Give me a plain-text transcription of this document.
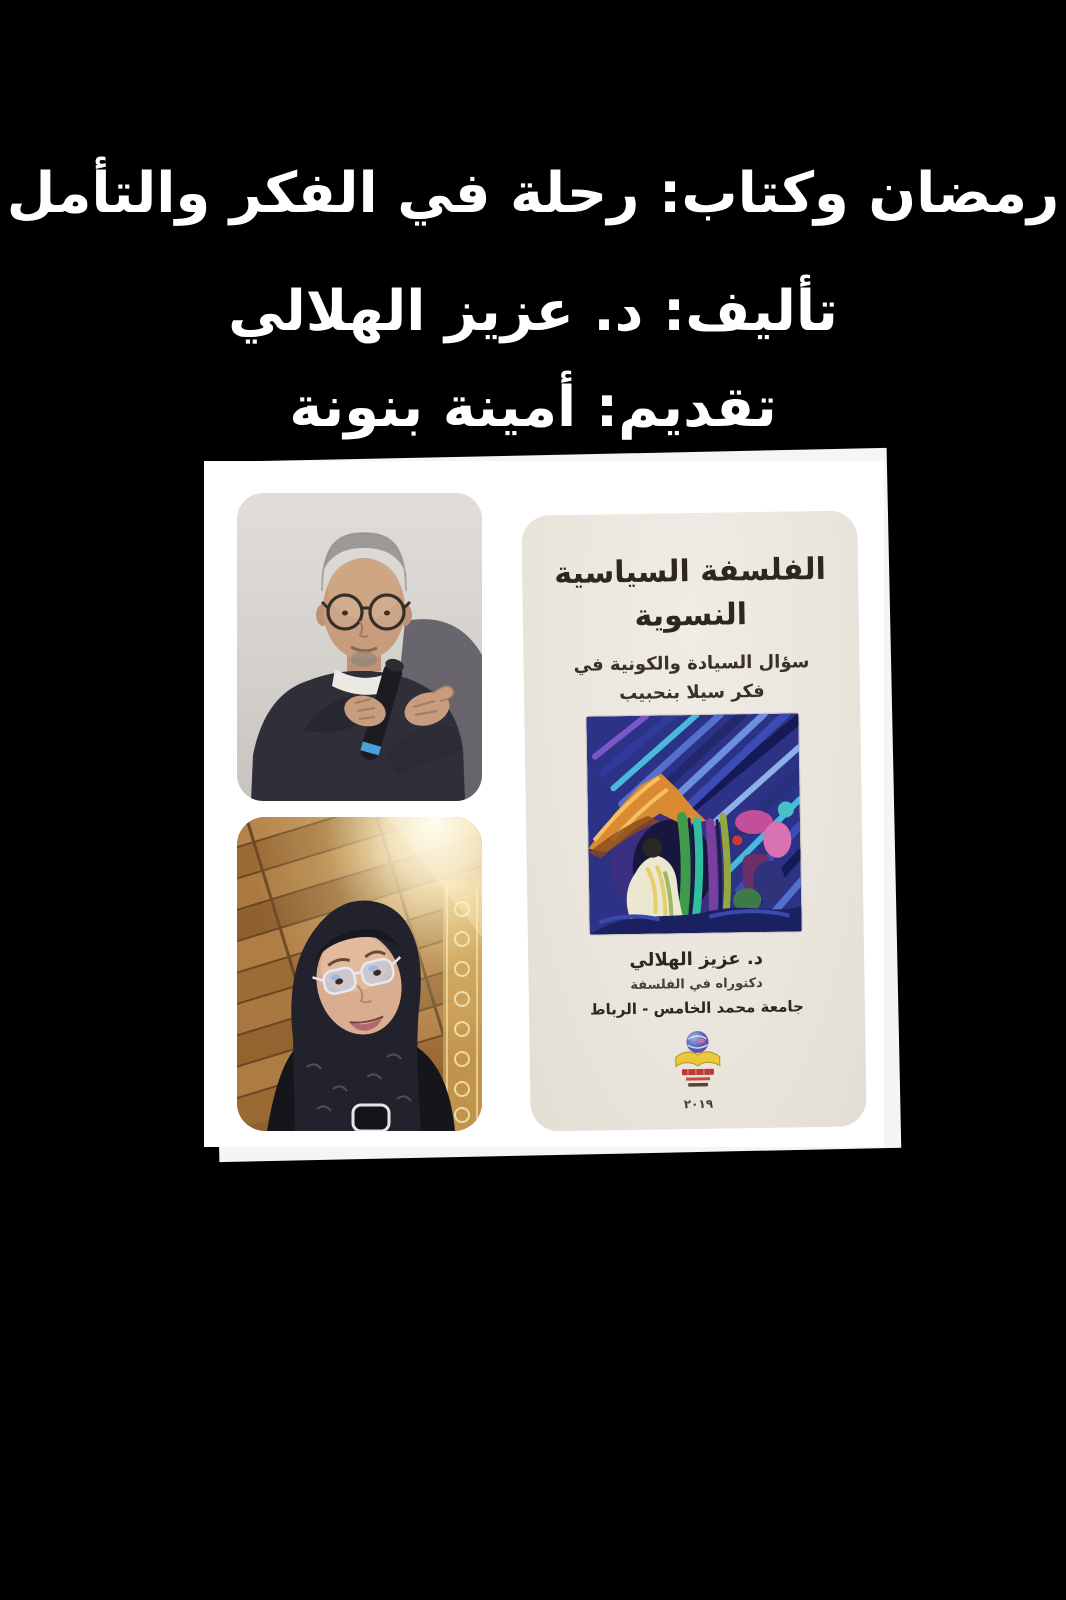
رمضان وكتاب: رحلة في الفكر والتأمل
تأليف: د. عزيز الهلالي
تقديم: أمينة بنونة
الفلسفة السياسية
النسوية
سؤال السيادة والكونية في
فكر سيلا بنحبيب
د. عزيز الهلالي
دكتوراه في الفلسفة
جامعة محمد الخامس - الرباط
٢٠١٩
